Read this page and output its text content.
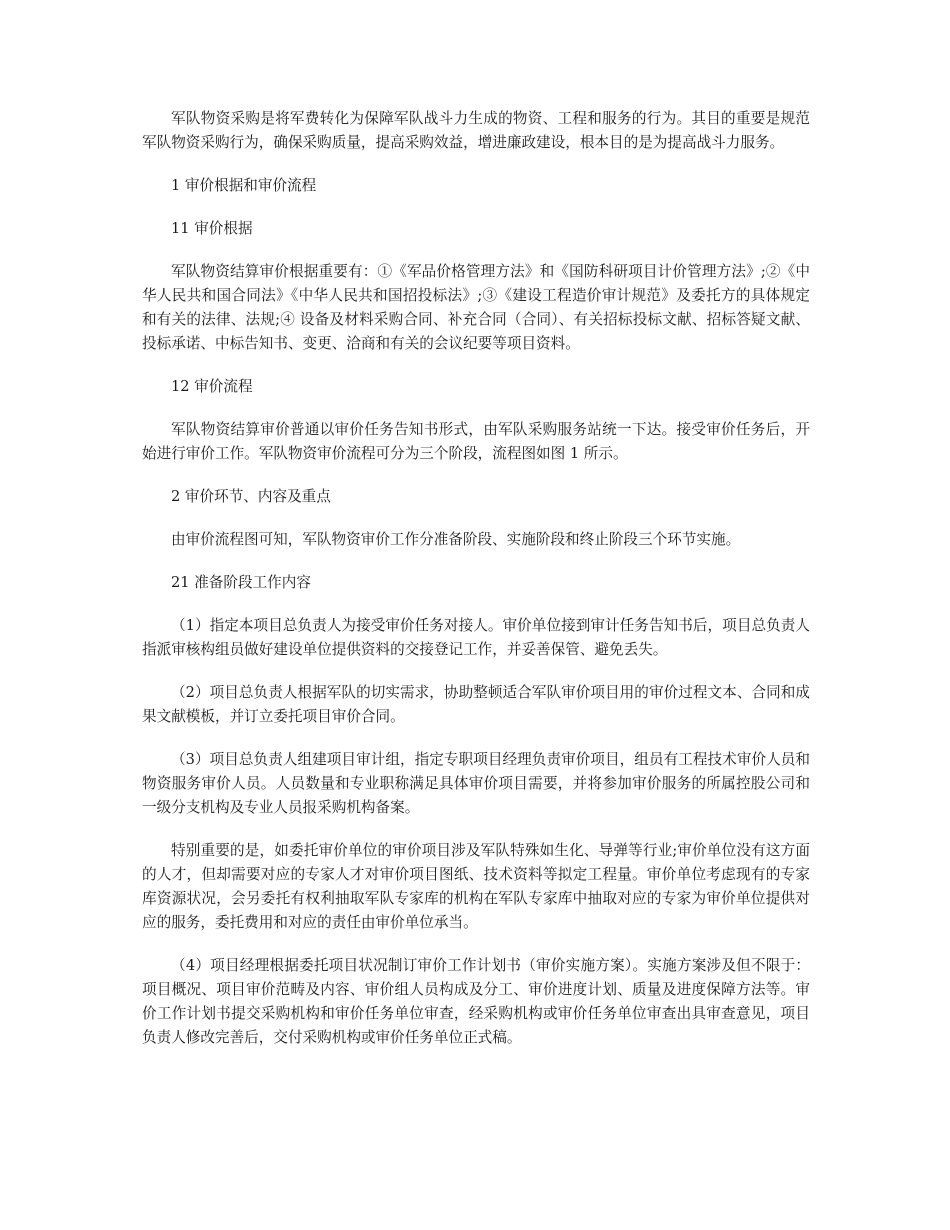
军队物资采购是将军费转化为保障军队战斗力生成的物资、工程和服务的行为。其目的重要是规范军队物资采购行为，确保采购质量，提高采购效益，增进廉政建设，根本目的是为提高战斗力服务。

1 审价根据和审价流程

11 审价根据

军队物资结算审价根据重要有：①《军品价格管理方法》和《国防科研项目计价管理方法》;②《中华人民共和国合同法》《中华人民共和国招投标法》;③《建设工程造价审计规范》及委托方的具体规定和有关的法律、法规;④ 设备及材料采购合同、补充合同（合同）、有关招标投标文献、招标答疑文献、投标承诺、中标告知书、变更、洽商和有关的会议纪要等项目资料。

12 审价流程

军队物资结算审价普通以审价任务告知书形式，由军队采购服务站统一下达。接受审价任务后，开始进行审价工作。军队物资审价流程可分为三个阶段，流程图如图 1 所示。

2 审价环节、内容及重点

由审价流程图可知，军队物资审价工作分准备阶段、实施阶段和终止阶段三个环节实施。

21 准备阶段工作内容

（1）指定本项目总负责人为接受审价任务对接人。审价单位接到审计任务告知书后，项目总负责人指派审核构组员做好建设单位提供资料的交接登记工作，并妥善保管、避免丢失。

（2）项目总负责人根据军队的切实需求，协助整顿适合军队审价项目用的审价过程文本、合同和成果文献模板，并订立委托项目审价合同。

（3）项目总负责人组建项目审计组，指定专职项目经理负责审价项目，组员有工程技术审价人员和物资服务审价人员。人员数量和专业职称满足具体审价项目需要，并将参加审价服务的所属控股公司和一级分支机构及专业人员报采购机构备案。

特别重要的是，如委托审价单位的审价项目涉及军队特殊如生化、导弹等行业;审价单位没有这方面的人才，但却需要对应的专家人才对审价项目图纸、技术资料等拟定工程量。审价单位考虑现有的专家库资源状况，会另委托有权利抽取军队专家库的机构在军队专家库中抽取对应的专家为审价单位提供对应的服务，委托费用和对应的责任由审价单位承当。

（4）项目经理根据委托项目状况制订审价工作计划书（审价实施方案）。实施方案涉及但不限于：项目概况、项目审价范畴及内容、审价组人员构成及分工、审价进度计划、质量及进度保障方法等。审价工作计划书提交采购机构和审价任务单位审查，经采购机构或审价任务单位审查出具审查意见，项目负责人修改完善后，交付采购机构或审价任务单位正式稿。
